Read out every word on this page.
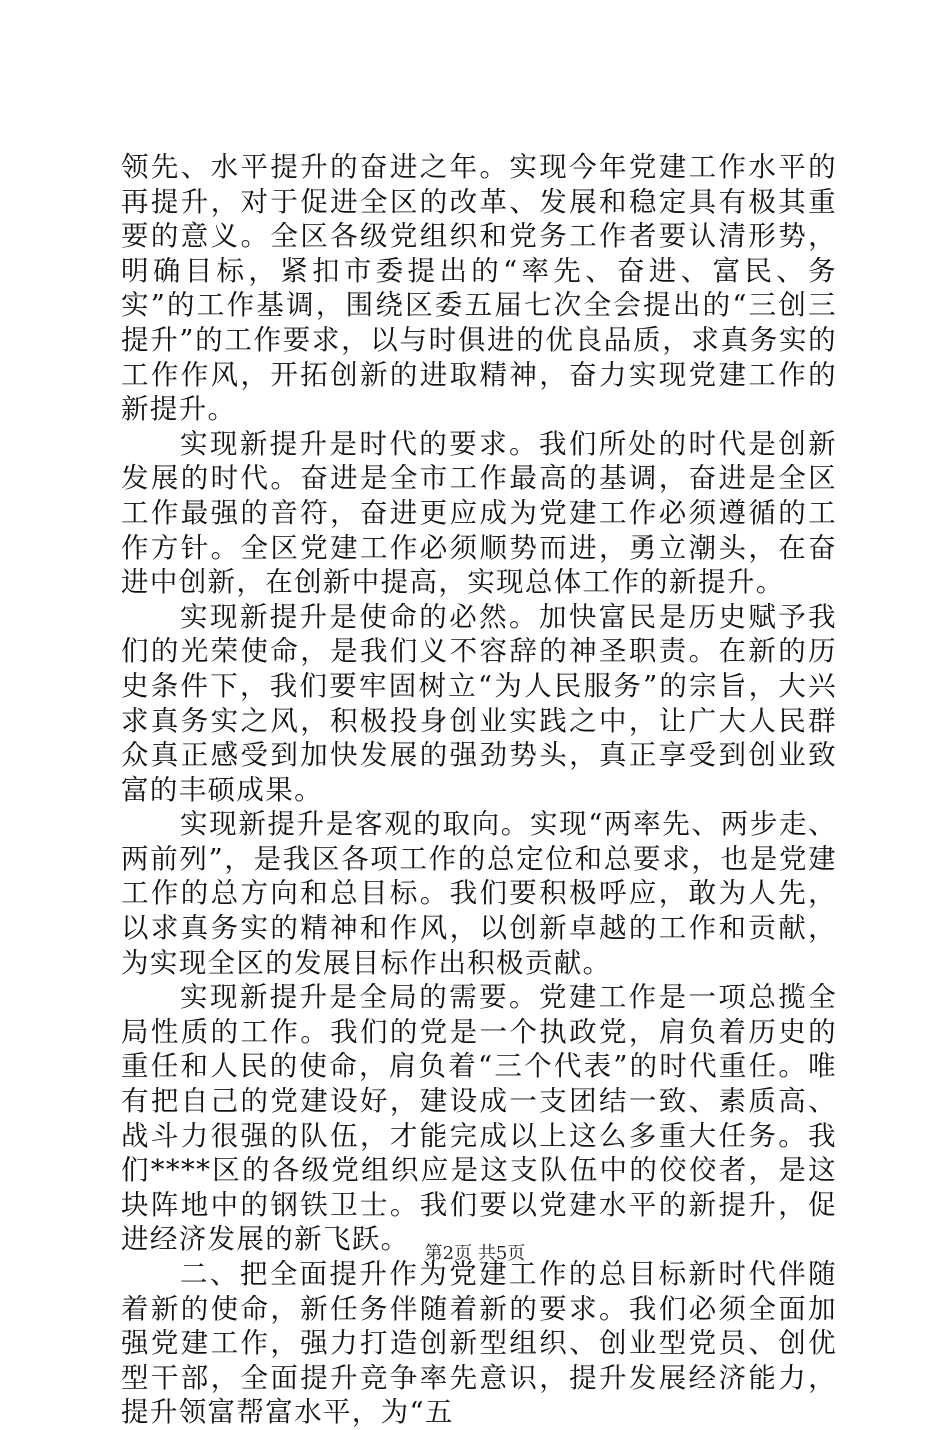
领先、水平提升的奋进之年。实现今年党建工作水平的再提升，对于促进全区的改革、发展和稳定具有极其重要的意义。全区各级党组织和党务工作者要认清形势，明确目标，紧扣市委提出的“率先、奋进、富民、务实”的工作基调，围绕区委五届七次全会提出的“三创三提升”的工作要求，以与时俱进的优良品质，求真务实的工作作风，开拓创新的进取精神，奋力实现党建工作的新提升。

实现新提升是时代的要求。我们所处的时代是创新发展的时代。奋进是全市工作最高的基调，奋进是全区工作最强的音符，奋进更应成为党建工作必须遵循的工作方针。全区党建工作必须顺势而进，勇立潮头，在奋进中创新，在创新中提高，实现总体工作的新提升。

实现新提升是使命的必然。加快富民是历史赋予我们的光荣使命，是我们义不容辞的神圣职责。在新的历史条件下，我们要牢固树立“为人民服务”的宗旨，大兴求真务实之风，积极投身创业实践之中，让广大人民群众真正感受到加快发展的强劲势头，真正享受到创业致富的丰硕成果。

实现新提升是客观的取向。实现“两率先、两步走、两前列”，是我区各项工作的总定位和总要求，也是党建工作的总方向和总目标。我们要积极呼应，敢为人先，以求真务实的精神和作风，以创新卓越的工作和贡献，为实现全区的发展目标作出积极贡献。

实现新提升是全局的需要。党建工作是一项总揽全局性质的工作。我们的党是一个执政党，肩负着历史的重任和人民的使命，肩负着“三个代表”的时代重任。唯有把自己的党建设好，建设成一支团结一致、素质高、战斗力很强的队伍，才能完成以上这么多重大任务。我们****区的各级党组织应是这支队伍中的佼佼者，是这块阵地中的钢铁卫士。我们要以党建水平的新提升，促进经济发展的新飞跃。

二、把全面提升作为党建工作的总目标新时代伴随着新的使命，新任务伴随着新的要求。我们必须全面加强党建工作，强力打造创新型组织、创业型党员、创优型干部，全面提升竞争率先意识，提升发展经济能力，提升领富帮富水平，为“五

第2页 共5页
